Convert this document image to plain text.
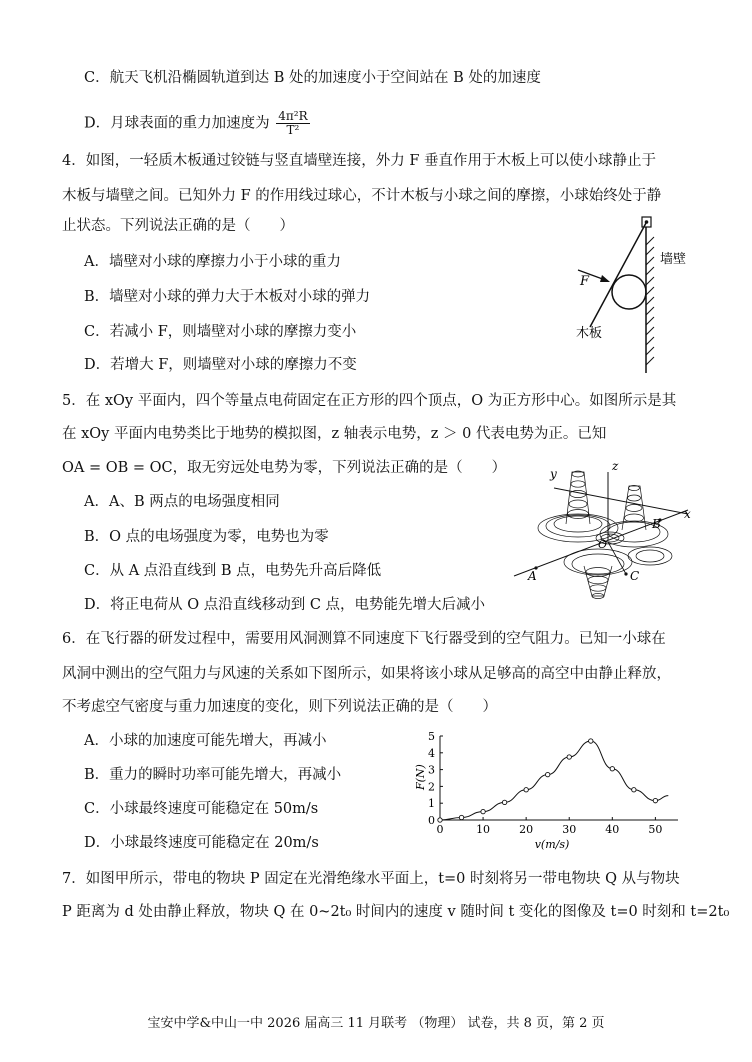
C．航天飞机沿椭圆轨道到达 B 处的加速度小于空间站在 B 处的加速度
D．月球表面的重力加速度为 $\frac{\text{4π²R}}{\text{T²}}$
4．如图，一轻质木板通过铰链与竖直墙壁连接，外力 F 垂直作用于木板上可以使小球静止于
木板与墙壁之间。已知外力 F 的作用线过球心，不计木板与小球之间的摩擦，小球始终处于静
止状态。下列说法正确的是（　　）
A．墙壁对小球的摩擦力小于小球的重力
B．墙壁对小球的弹力大于木板对小球的弹力
C．若减小 F，则墙壁对小球的摩擦力变小
D．若增大 F，则墙壁对小球的摩擦力不变
F
墙壁
木板
5．在 xOy 平面内，四个等量点电荷固定在正方形的四个顶点，O 为正方形中心。如图所示是其
在 xOy 平面内电势类比于地势的模拟图，z 轴表示电势，z ＞ 0 代表电势为正。已知
OA = OB = OC，取无穷远处电势为零，下列说法正确的是（　　）
A．A、B 两点的电场强度相同
B．O 点的电场强度为零，电势也为零
C．从 A 点沿直线到 B 点，电势先升高后降低
D．将正电荷从 O 点沿直线移动到 C 点，电势能先增大后减小
y
z
x
A
B
C
O
6．在飞行器的研发过程中，需要用风洞测算不同速度下飞行器受到的空气阻力。已知一小球在
风洞中测出的空气阻力与风速的关系如下图所示，如果将该小球从足够高的高空中由静止释放，
不考虑空气密度与重力加速度的变化，则下列说法正确的是（　　）
A．小球的加速度可能先增大，再减小
B．重力的瞬时功率可能先增大，再减小
C．小球最终速度可能稳定在 50m/s
D．小球最终速度可能稳定在 20m/s
0	10	20	30	40	50
0
1
2
3
4
5
F(N)
v(m/s)
7．如图甲所示，带电的物块 P 固定在光滑绝缘水平面上，t=0 时刻将另一带电物块 Q 从与物块
P 距离为 d 处由静止释放，物块 Q 在 0~2t₀ 时间内的速度 v 随时间 t 变化的图像及 t=0 时刻和 t=2t₀
宝安中学&中山一中 2026 届高三 11 月联考 （物理） 试卷，共 8 页，第 2 页
